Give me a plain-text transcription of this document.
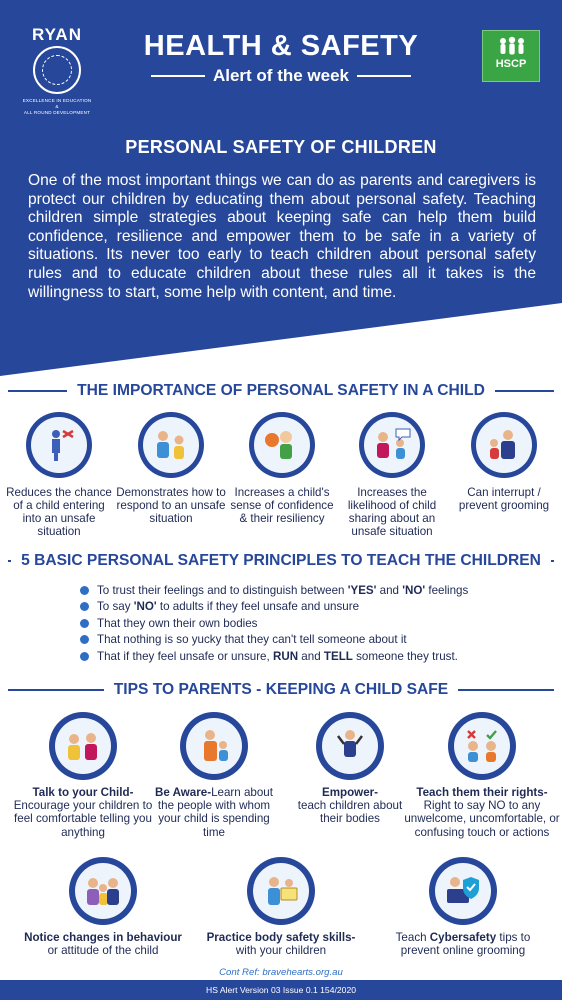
RYAN
EXCELLENCE IN EDUCATION
&
ALL ROUND DEVELOPMENT
HEALTH & SAFETY
Alert of the week
HSCP
PERSONAL SAFETY OF CHILDREN
One of the most important things we can do as parents and caregivers is protect our children by educating them about personal safety. Teaching children simple strategies about keeping safe can help them build confidence, resilience and empower them to be safe in a variety of situations. Its never too early to teach children about personal safety rules and to educate children about these rules all it takes is the willingness to start, some help with content, and time.
THE IMPORTANCE OF PERSONAL SAFETY IN A CHILD
Reduces the chance of a child entering into an unsafe situation
Demonstrates how to respond to an unsafe situation
Increases a child's sense of confidence & their resiliency
Increases the likelihood of child sharing about an unsafe situation
Can interrupt / prevent grooming
5 BASIC PERSONAL SAFETY PRINCIPLES TO TEACH THE CHILDREN
To trust their feelings and to distinguish between 'YES' and 'NO' feelings
To say 'NO' to adults if they feel unsafe and unsure
That they own their own bodies
That nothing is so yucky that they can't tell someone about it
That if they feel unsafe or unsure, RUN and TELL someone they trust.
TIPS TO PARENTS - KEEPING A CHILD SAFE
Talk to your Child-
Encourage your children to feel comfortable telling you anything
Be Aware-Learn about the people with whom your child is spending time
Empower-
teach children about their bodies
Teach them their rights-
Right to say NO to any unwelcome, uncomfortable, or confusing touch or actions
Notice changes in behaviour
or attitude of the child
Practice body safety skills-
with your children
Teach Cybersafety tips to prevent online grooming
Cont Ref: bravehearts.org.au
HS Alert Version 03 Issue 0.1 154/2020
